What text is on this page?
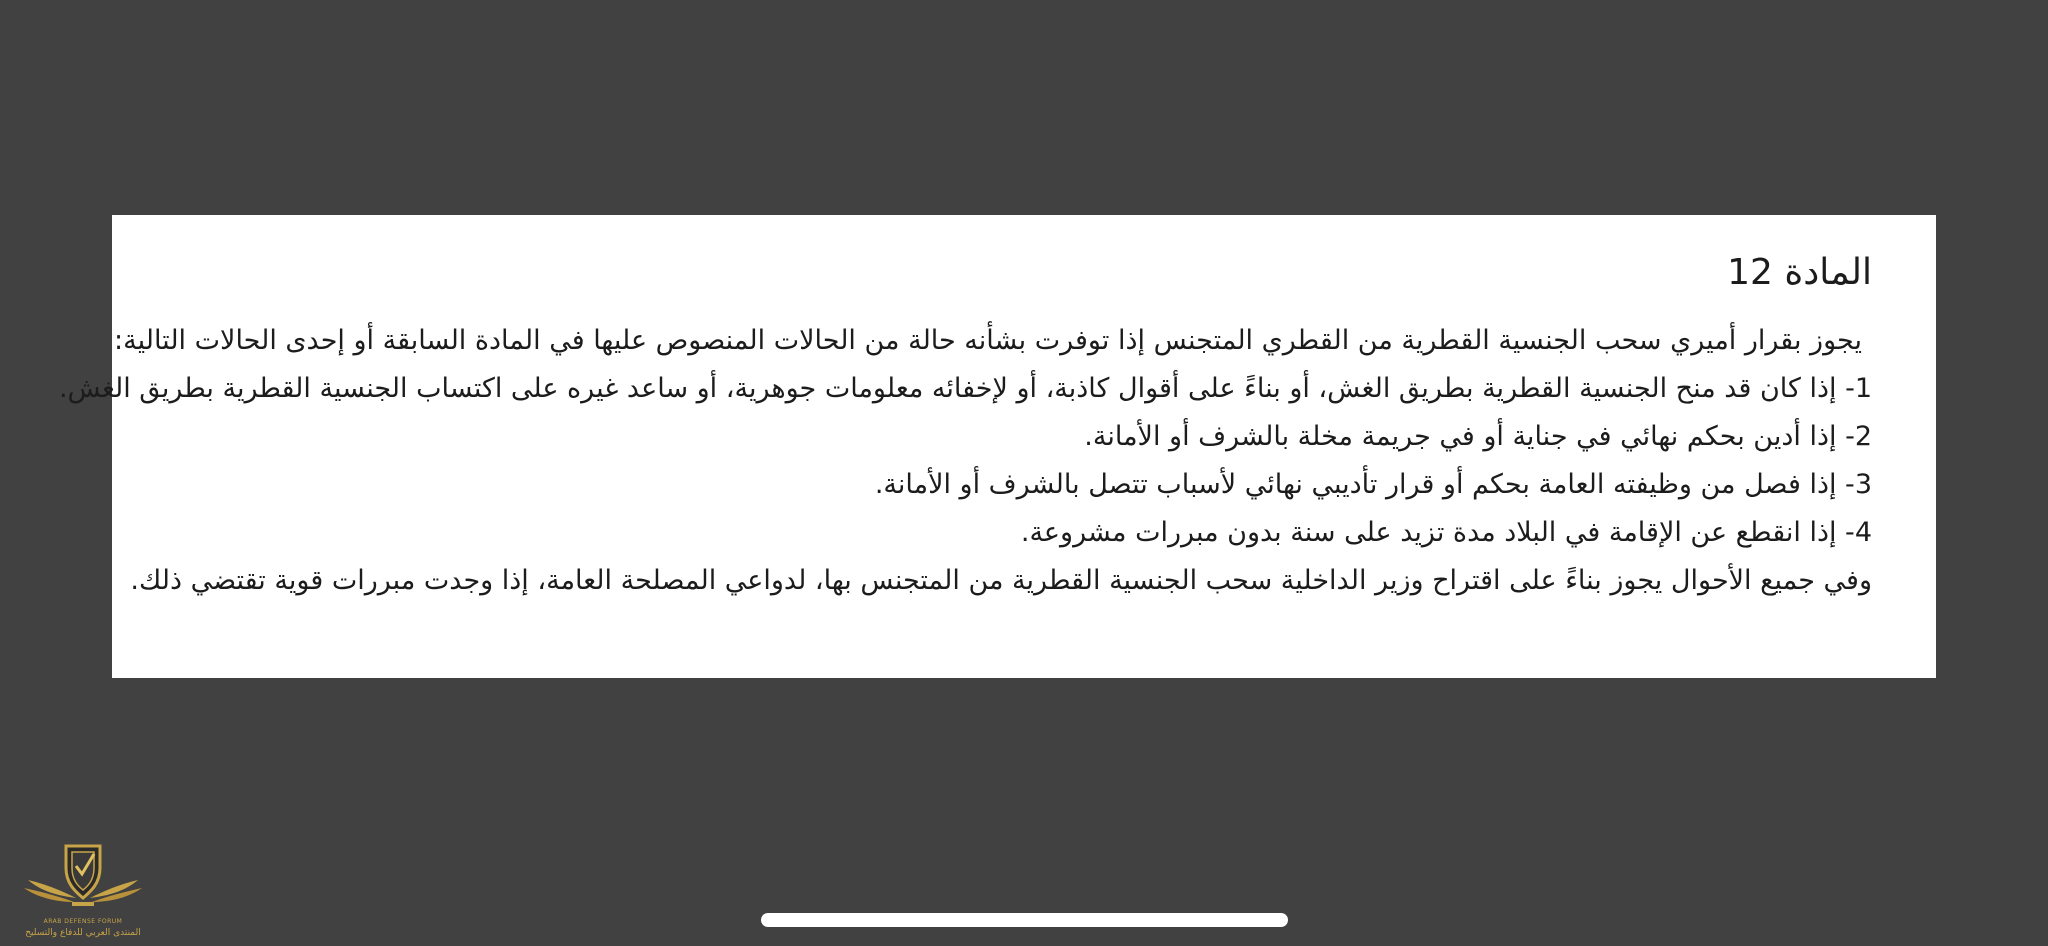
المادة 12

يجوز بقرار أميري سحب الجنسية القطرية من القطري المتجنس إذا توفرت بشأنه حالة من الحالات المنصوص عليها في المادة السابقة أو إحدى الحالات التالية:

1- إذا كان قد منح الجنسية القطرية بطريق الغش، أو بناءً على أقوال كاذبة، أو لإخفائه معلومات جوهرية، أو ساعد غيره على اكتساب الجنسية القطرية بطريق الغش.

2- إذا أدين بحكم نهائي في جناية أو في جريمة مخلة بالشرف أو الأمانة.

3- إذا فصل من وظيفته العامة بحكم أو قرار تأديبي نهائي لأسباب تتصل بالشرف أو الأمانة.

4- إذا انقطع عن الإقامة في البلاد مدة تزيد على سنة بدون مبررات مشروعة.

وفي جميع الأحوال يجوز بناءً على اقتراح وزير الداخلية سحب الجنسية القطرية من المتجنس بها، لدواعي المصلحة العامة، إذا وجدت مبررات قوية تقتضي ذلك.

ARAB DEFENSE FORUM
المنتدى العربي للدفاع والتسليح
